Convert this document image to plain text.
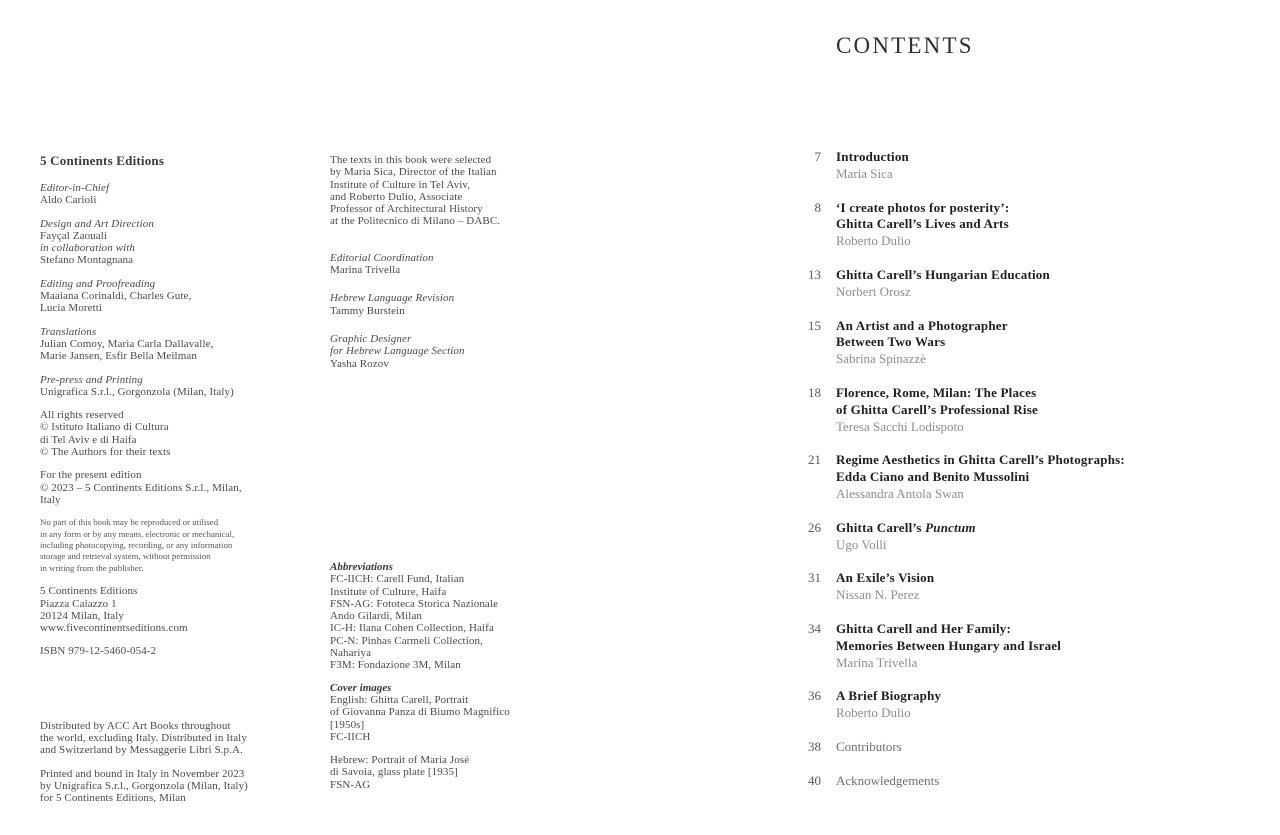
5 Continents Editions
Editor-in-Chief
Aldo Carioli
Design and Art Direction
Fayçal Zaouali
in collaboration with
Stefano Montagnana
Editing and Proofreading
Maaiana Corinaldi, Charles Gute,
Lucia Moretti
Translations
Julian Comoy, Maria Carla Dallavalle,
Marie Jansen, Esfir Bella Meilman
Pre-press and Printing
Unigrafica S.r.l., Gorgonzola (Milan, Italy)
All rights reserved
© Istituto Italiano di Cultura
di Tel Aviv e di Haifa
© The Authors for their texts
For the present edition
© 2023 – 5 Continents Editions S.r.l., Milan,
Italy
No part of this book may be reproduced or utilised
in any form or by any means, electronic or mechanical,
including photocopying, recording, or any information
storage and retrieval system, without permission
in writing from the publisher.
5 Continents Editions
Piazza Caiazzo 1
20124 Milan, Italy
www.fivecontinentseditions.com
ISBN 979-12-5460-054-2
Distributed by ACC Art Books throughout
the world, excluding Italy. Distributed in Italy
and Switzerland by Messaggerie Libri S.p.A.
Printed and bound in Italy in November 2023
by Unigrafica S.r.l., Gorgonzola (Milan, Italy)
for 5 Continents Editions, Milan
The texts in this book were selected
by Maria Sica, Director of the Italian
Institute of Culture in Tel Aviv,
and Roberto Dulio, Associate
Professor of Architectural History
at the Politecnico di Milano – DABC.
Editorial Coordination
Marina Trivella
Hebrew Language Revision
Tammy Burstein
Graphic Designer
for Hebrew Language Section
Yasha Rozov
Abbreviations
FC-IICH: Carell Fund, Italian
Institute of Culture, Haifa
FSN-AG: Fototeca Storica Nazionale
Ando Gilardi, Milan
IC-H: Ilana Cohen Collection, Haifa
PC-N: Pinhas Carmeli Collection,
Nahariya
F3M: Fondazione 3M, Milan
Cover images
English: Ghitta Carell, Portrait
of Giovanna Panza di Biumo Magnifico
[1950s]
FC-IICH
Hebrew: Portrait of Maria José
di Savoia, glass plate [1935]
FSN-AG
CONTENTS
7 Introduction
Maria Sica
8 ‘I create photos for posterity’:
Ghitta Carell’s Lives and Arts
Roberto Dulio
13 Ghitta Carell’s Hungarian Education
Norbert Orosz
15 An Artist and a Photographer
Between Two Wars
Sabrina Spinazzè
18 Florence, Rome, Milan: The Places
of Ghitta Carell’s Professional Rise
Teresa Sacchi Lodispoto
21 Regime Aesthetics in Ghitta Carell’s Photographs:
Edda Ciano and Benito Mussolini
Alessandra Antola Swan
26 Ghitta Carell’s Punctum
Ugo Volli
31 An Exile’s Vision
Nissan N. Perez
34 Ghitta Carell and Her Family:
Memories Between Hungary and Israel
Marina Trivella
36 A Brief Biography
Roberto Dulio
38 Contributors
40 Acknowledgements
